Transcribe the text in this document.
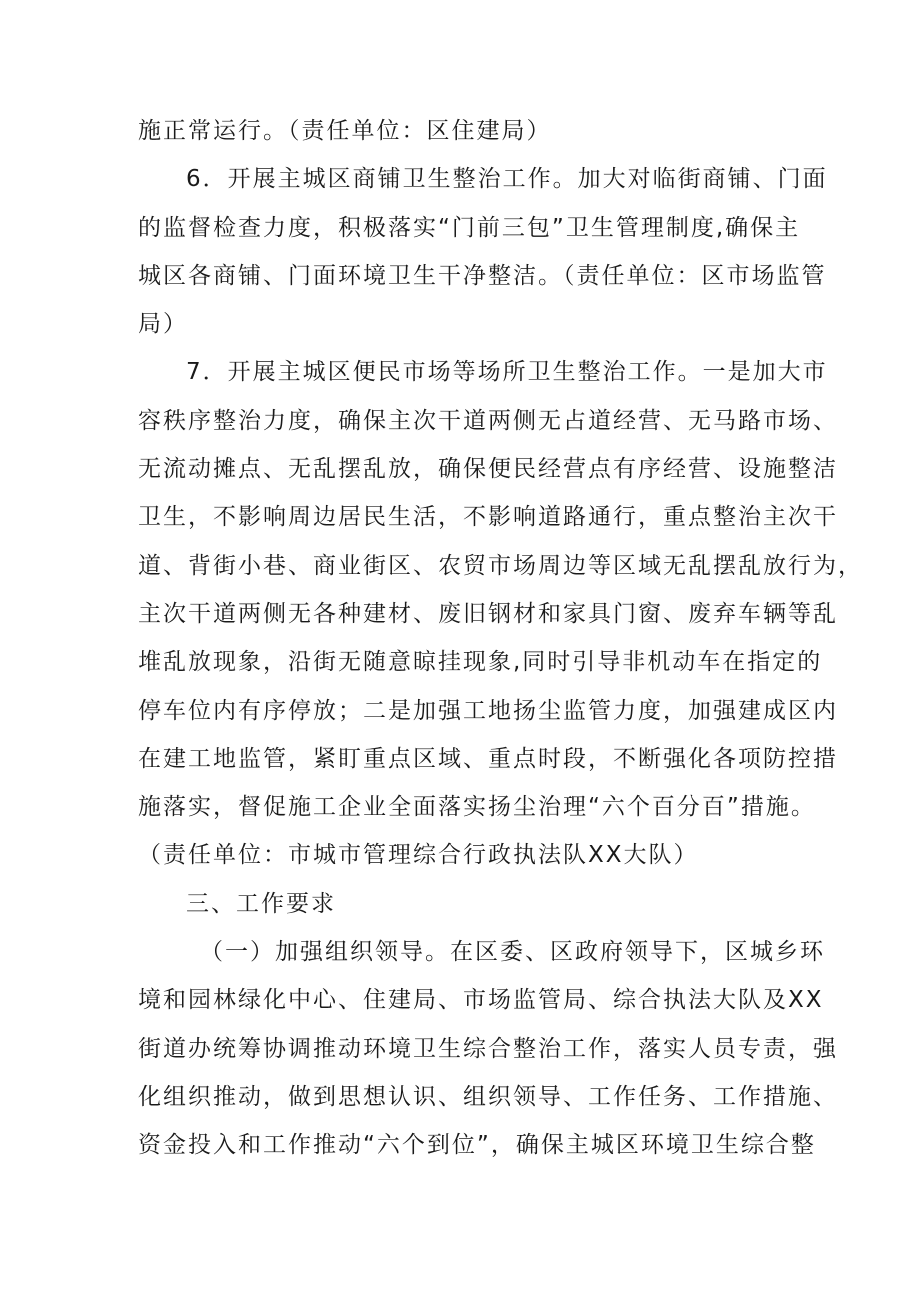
施正常运行。（责任单位：区住建局）
6．开展主城区商铺卫生整治工作。加大对临街商铺、门面
的监督检查力度，积极落实“门前三包”卫生管理制度,确保主
城区各商铺、门面环境卫生干净整洁。（责任单位：区市场监管
局）
7．开展主城区便民市场等场所卫生整治工作。一是加大市
容秩序整治力度，确保主次干道两侧无占道经营、无马路市场、
无流动摊点、无乱摆乱放，确保便民经营点有序经营、设施整洁
卫生，不影响周边居民生活，不影响道路通行，重点整治主次干
道、背街小巷、商业街区、农贸市场周边等区域无乱摆乱放行为，
主次干道两侧无各种建材、废旧钢材和家具门窗、废弃车辆等乱
堆乱放现象，沿街无随意晾挂现象,同时引导非机动车在指定的
停车位内有序停放；二是加强工地扬尘监管力度，加强建成区内
在建工地监管，紧盯重点区域、重点时段，不断强化各项防控措
施落实，督促施工企业全面落实扬尘治理“六个百分百”措施。
（责任单位：市城市管理综合行政执法队XX大队）
三、工作要求
（一）加强组织领导。在区委、区政府领导下，区城乡环
境和园林绿化中心、住建局、市场监管局、综合执法大队及XX
街道办统筹协调推动环境卫生综合整治工作，落实人员专责，强
化组织推动，做到思想认识、组织领导、工作任务、工作措施、
资金投入和工作推动“六个到位”，确保主城区环境卫生综合整
